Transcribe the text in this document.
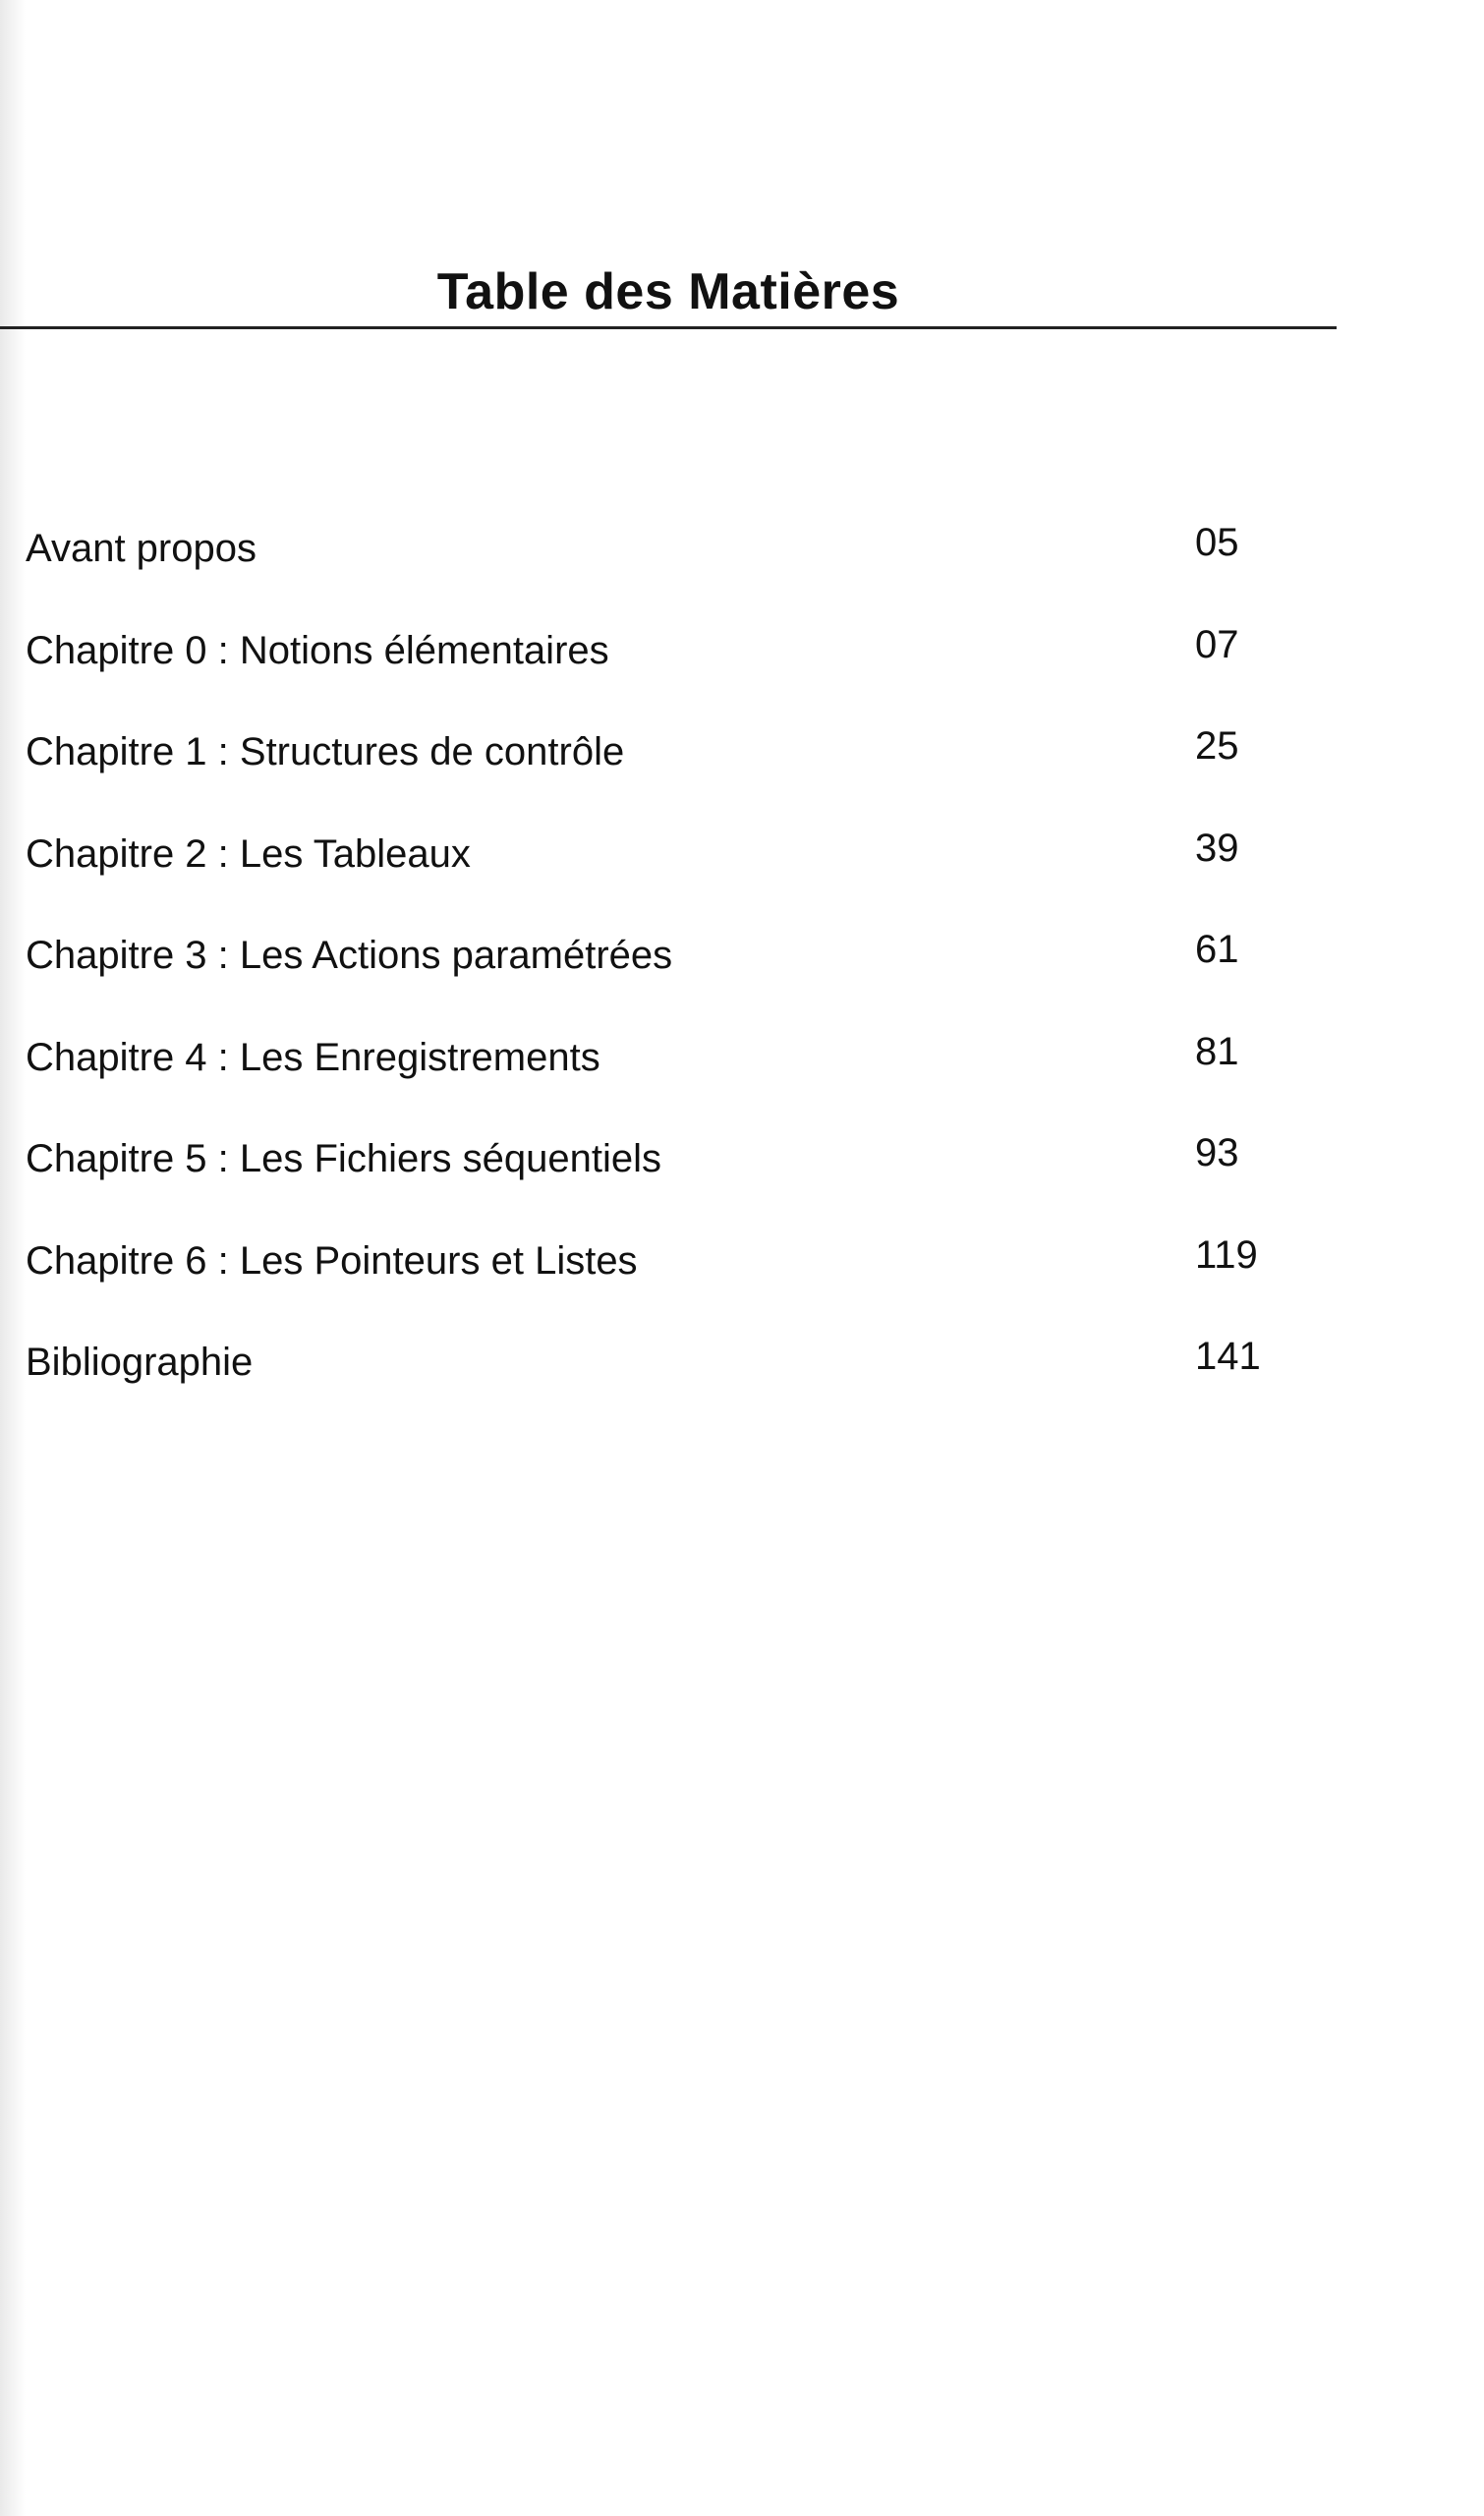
Table des Matières
Avant propos	05
Chapitre 0 : Notions élémentaires	07
Chapitre 1 : Structures de contrôle	25
Chapitre 2 : Les Tableaux	39
Chapitre 3 : Les Actions paramétrées	61
Chapitre 4 : Les Enregistrements	81
Chapitre 5 : Les Fichiers séquentiels	93
Chapitre 6 : Les Pointeurs et Listes	119
Bibliographie	141
